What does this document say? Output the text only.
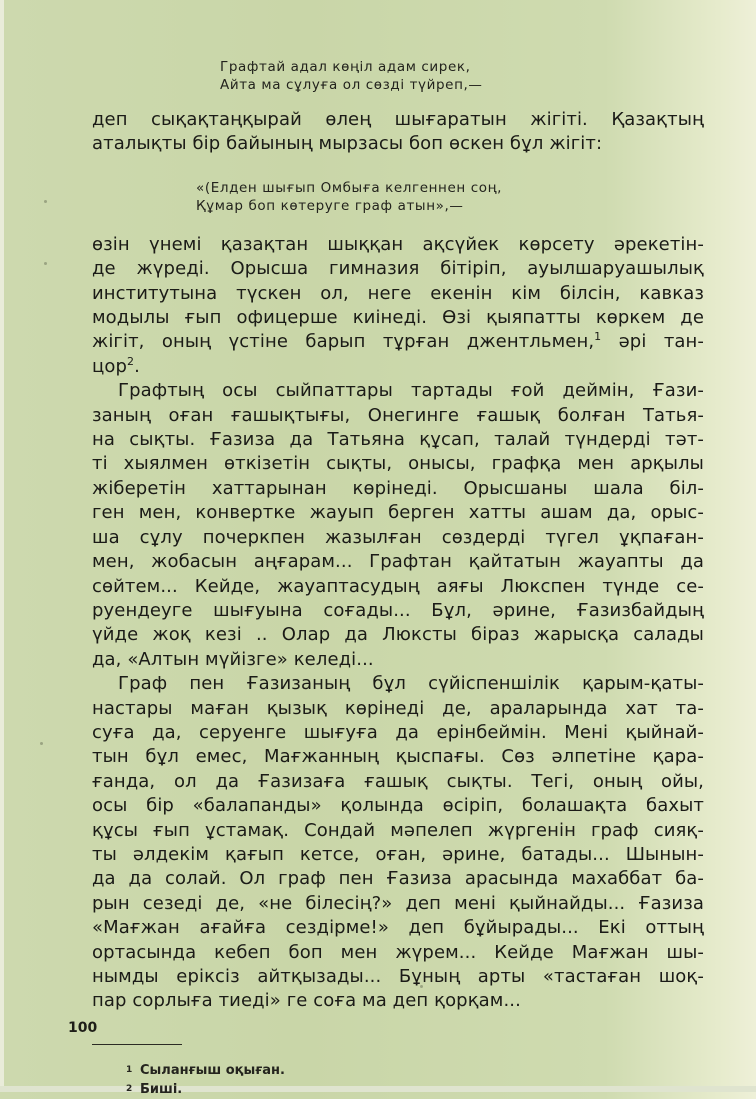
Графтай адал көңіл адам сирек,
Айта ма сұлуға ол сөзді түйреп,—

деп сықақтаңқырай өлең шығаратын жігіті. Қазақтың
аталықты бір байының мырзасы боп өскен бұл жігіт:

«(Елден шығып Омбыға келгеннен соң,
Құмар боп көтеруге граф атын»,—

өзін үнемі қазақтан шыққан ақсүйек көрсету әрекетін-
де жүреді. Орысша гимназия бітіріп, ауылшаруашылық
институтына түскен ол, неге екенін кім білсін, кавказ
модылы ғып офицерше киінеді. Өзі қыяпатты көркем де
жігіт, оның үстіне барып тұрған джентльмен,$^1$ әрі тан-
цор$^2$.

Графтың осы сыйпаттары тартады ғой деймін, Ғази-
заның оған ғашықтығы, Онегинге ғашық болған Татья-
на сықты. Ғазиза да Татьяна құсап, талай түндерді тәт-
ті хыялмен өткізетін сықты, онысы, графқа мен арқылы
жіберетін хаттарынан көрінеді. Орысшаны шала біл-
ген мен, конвертке жауып берген хатты ашам да, орыс-
ша сұлу почеркпен жазылған сөздерді түгел ұқпаған-
мен, жобасын аңғарам... Графтан қайтатын жауапты да
сөйтем... Кейде, жауаптасудың аяғы Люкспен түнде се-
руендеуге шығуына соғады... Бұл, әрине, Ғазизбайдың
үйде жоқ кезі .. Олар да Люксты біраз жарысқа салады
да, «Алтын мүйізге» келеді...

Граф пен Ғазизаның бұл сүйіспеншілік қарым-қаты-
настары маған қызық көрінеді де, араларында хат та-
суға да, серуенге шығуға да ерінбеймін. Мені қыйнай-
тын бұл емес, Мағжанның қыспағы. Сөз әлпетіне қара-
ғанда, ол да Ғазизаға ғашық сықты. Тегі, оның ойы,
осы бір «балапанды» қолында өсіріп, болашақта бахыт
құсы ғып ұстамақ. Сондай мәпелеп жүргенін граф сияқ-
ты әлдекім қағып кетсе, оған, әрине, батады... Шынын-
да да солай. Ол граф пен Ғазиза арасында махаббат ба-
рын сезеді де, «не білесің?» деп мені қыйнайды... Ғазиза
«Мағжан ағайға сездірме!» деп бұйырады... Екі оттың
ортасында кебеп боп мен жүрем... Кейде Мағжан шы-
нымды еріксіз айтқызады... Бұның арты «тастаған шоқ-
пар сорлыға тиеді» ге соға ма деп қорқам...

1 Сыланғыш оқыған.
2 Биші.
100
